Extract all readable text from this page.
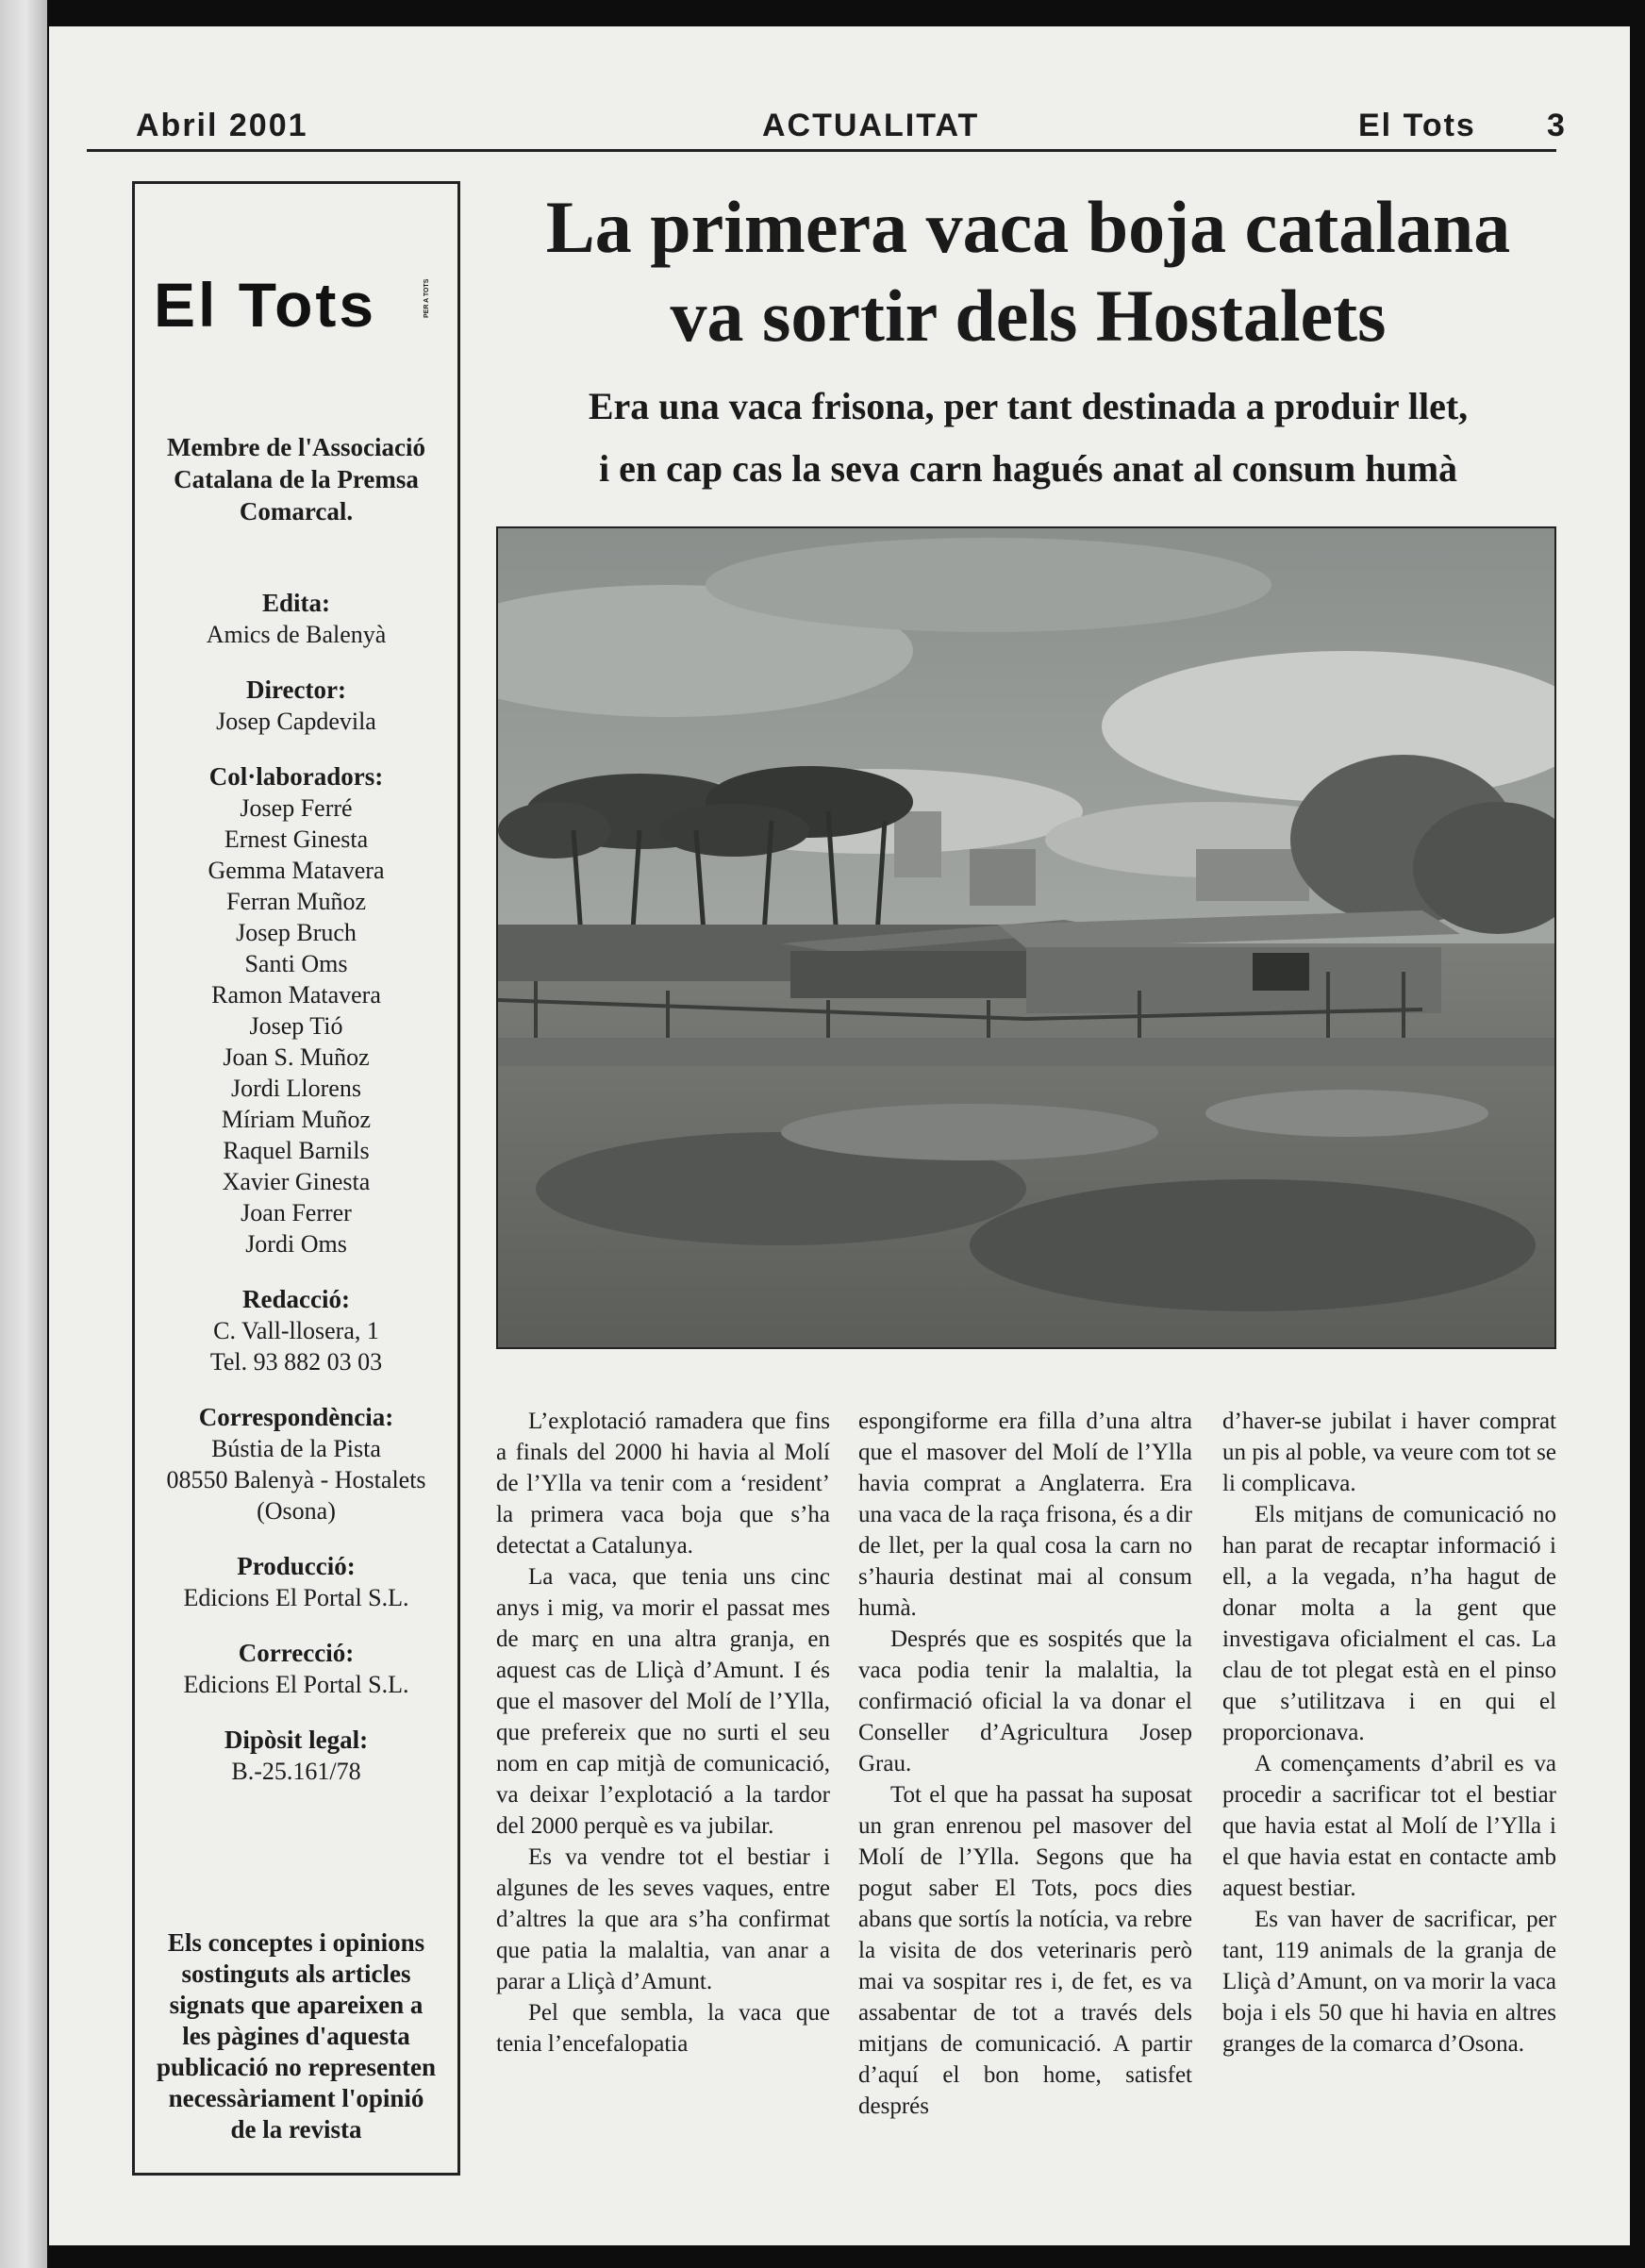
Abril 2001	ACTUALITAT	El Tots 3
El Tots	PER A TOTS
Membre de l'Associació
Catalana de la Premsa
Comarcal.
Edita:
Amics de Balenyà
Director:
Josep Capdevila
Col·laboradors:
Josep Ferré
Ernest Ginesta
Gemma Matavera
Ferran Muñoz
Josep Bruch
Santi Oms
Ramon Matavera
Josep Tió
Joan S. Muñoz
Jordi Llorens
Míriam Muñoz
Raquel Barnils
Xavier Ginesta
Joan Ferrer
Jordi Oms
Redacció:
C. Vall-llosera, 1
Tel. 93 882 03 03
Correspondència:
Bústia de la Pista
08550 Balenyà - Hostalets
(Osona)
Producció:
Edicions El Portal S.L.
Correcció:
Edicions El Portal S.L.
Dipòsit legal:
B.-25.161/78
Els conceptes i opinions
sostinguts als articles
signats que apareixen a
les pàgines d'aquesta
publicació no representen
necessàriament l'opinió
de la revista
La primera vaca boja catalana
va sortir dels Hostalets
Era una vaca frisona, per tant destinada a produir llet,
i en cap cas la seva carn hagués anat al consum humà

L’explotació ramadera que fins a finals del 2000 hi havia al Molí de l’Ylla va tenir com a ‘resident’ la primera vaca boja que s’ha detectat a Catalunya.

La vaca, que tenia uns cinc anys i mig, va morir el passat mes de març en una altra granja, en aquest cas de Lliçà d’Amunt. I és que el masover del Molí de l’Ylla, que prefereix que no surti el seu nom en cap mitjà de comunicació, va deixar l’explotació a la tardor del 2000 perquè es va jubilar.

Es va vendre tot el bestiar i algunes de les seves vaques, entre d’altres la que ara s’ha confirmat que patia la malaltia, van anar a parar a Lliçà d’Amunt.

Pel que sembla, la vaca que tenia l’encefalopatia

espongiforme era filla d’una altra que el masover del Molí de l’Ylla havia comprat a Anglaterra. Era una vaca de la raça frisona, és a dir de llet, per la qual cosa la carn no s’hauria destinat mai al consum humà.

Després que es sospités que la vaca podia tenir la malaltia, la confirmació oficial la va donar el Conseller d’Agricultura Josep Grau.

Tot el que ha passat ha suposat un gran enrenou pel masover del Molí de l’Ylla. Segons que ha pogut saber El Tots, pocs dies abans que sortís la notícia, va rebre la visita de dos veterinaris però mai va sospitar res i, de fet, es va assabentar de tot a través dels mitjans de comunicació. A partir d’aquí el bon home, satisfet després

d’haver-se jubilat i haver comprat un pis al poble, va veure com tot se li complicava.

Els mitjans de comunicació no han parat de recaptar informació i ell, a la vegada, n’ha hagut de donar molta a la gent que investigava oficialment el cas. La clau de tot plegat està en el pinso que s’utilitzava i en qui el proporcionava.

A començaments d’abril es va procedir a sacrificar tot el bestiar que havia estat al Molí de l’Ylla i el que havia estat en contacte amb aquest bestiar.

Es van haver de sacrificar, per tant, 119 animals de la granja de Lliçà d’Amunt, on va morir la vaca boja i els 50 que hi havia en altres granges de la comarca d’Osona.
